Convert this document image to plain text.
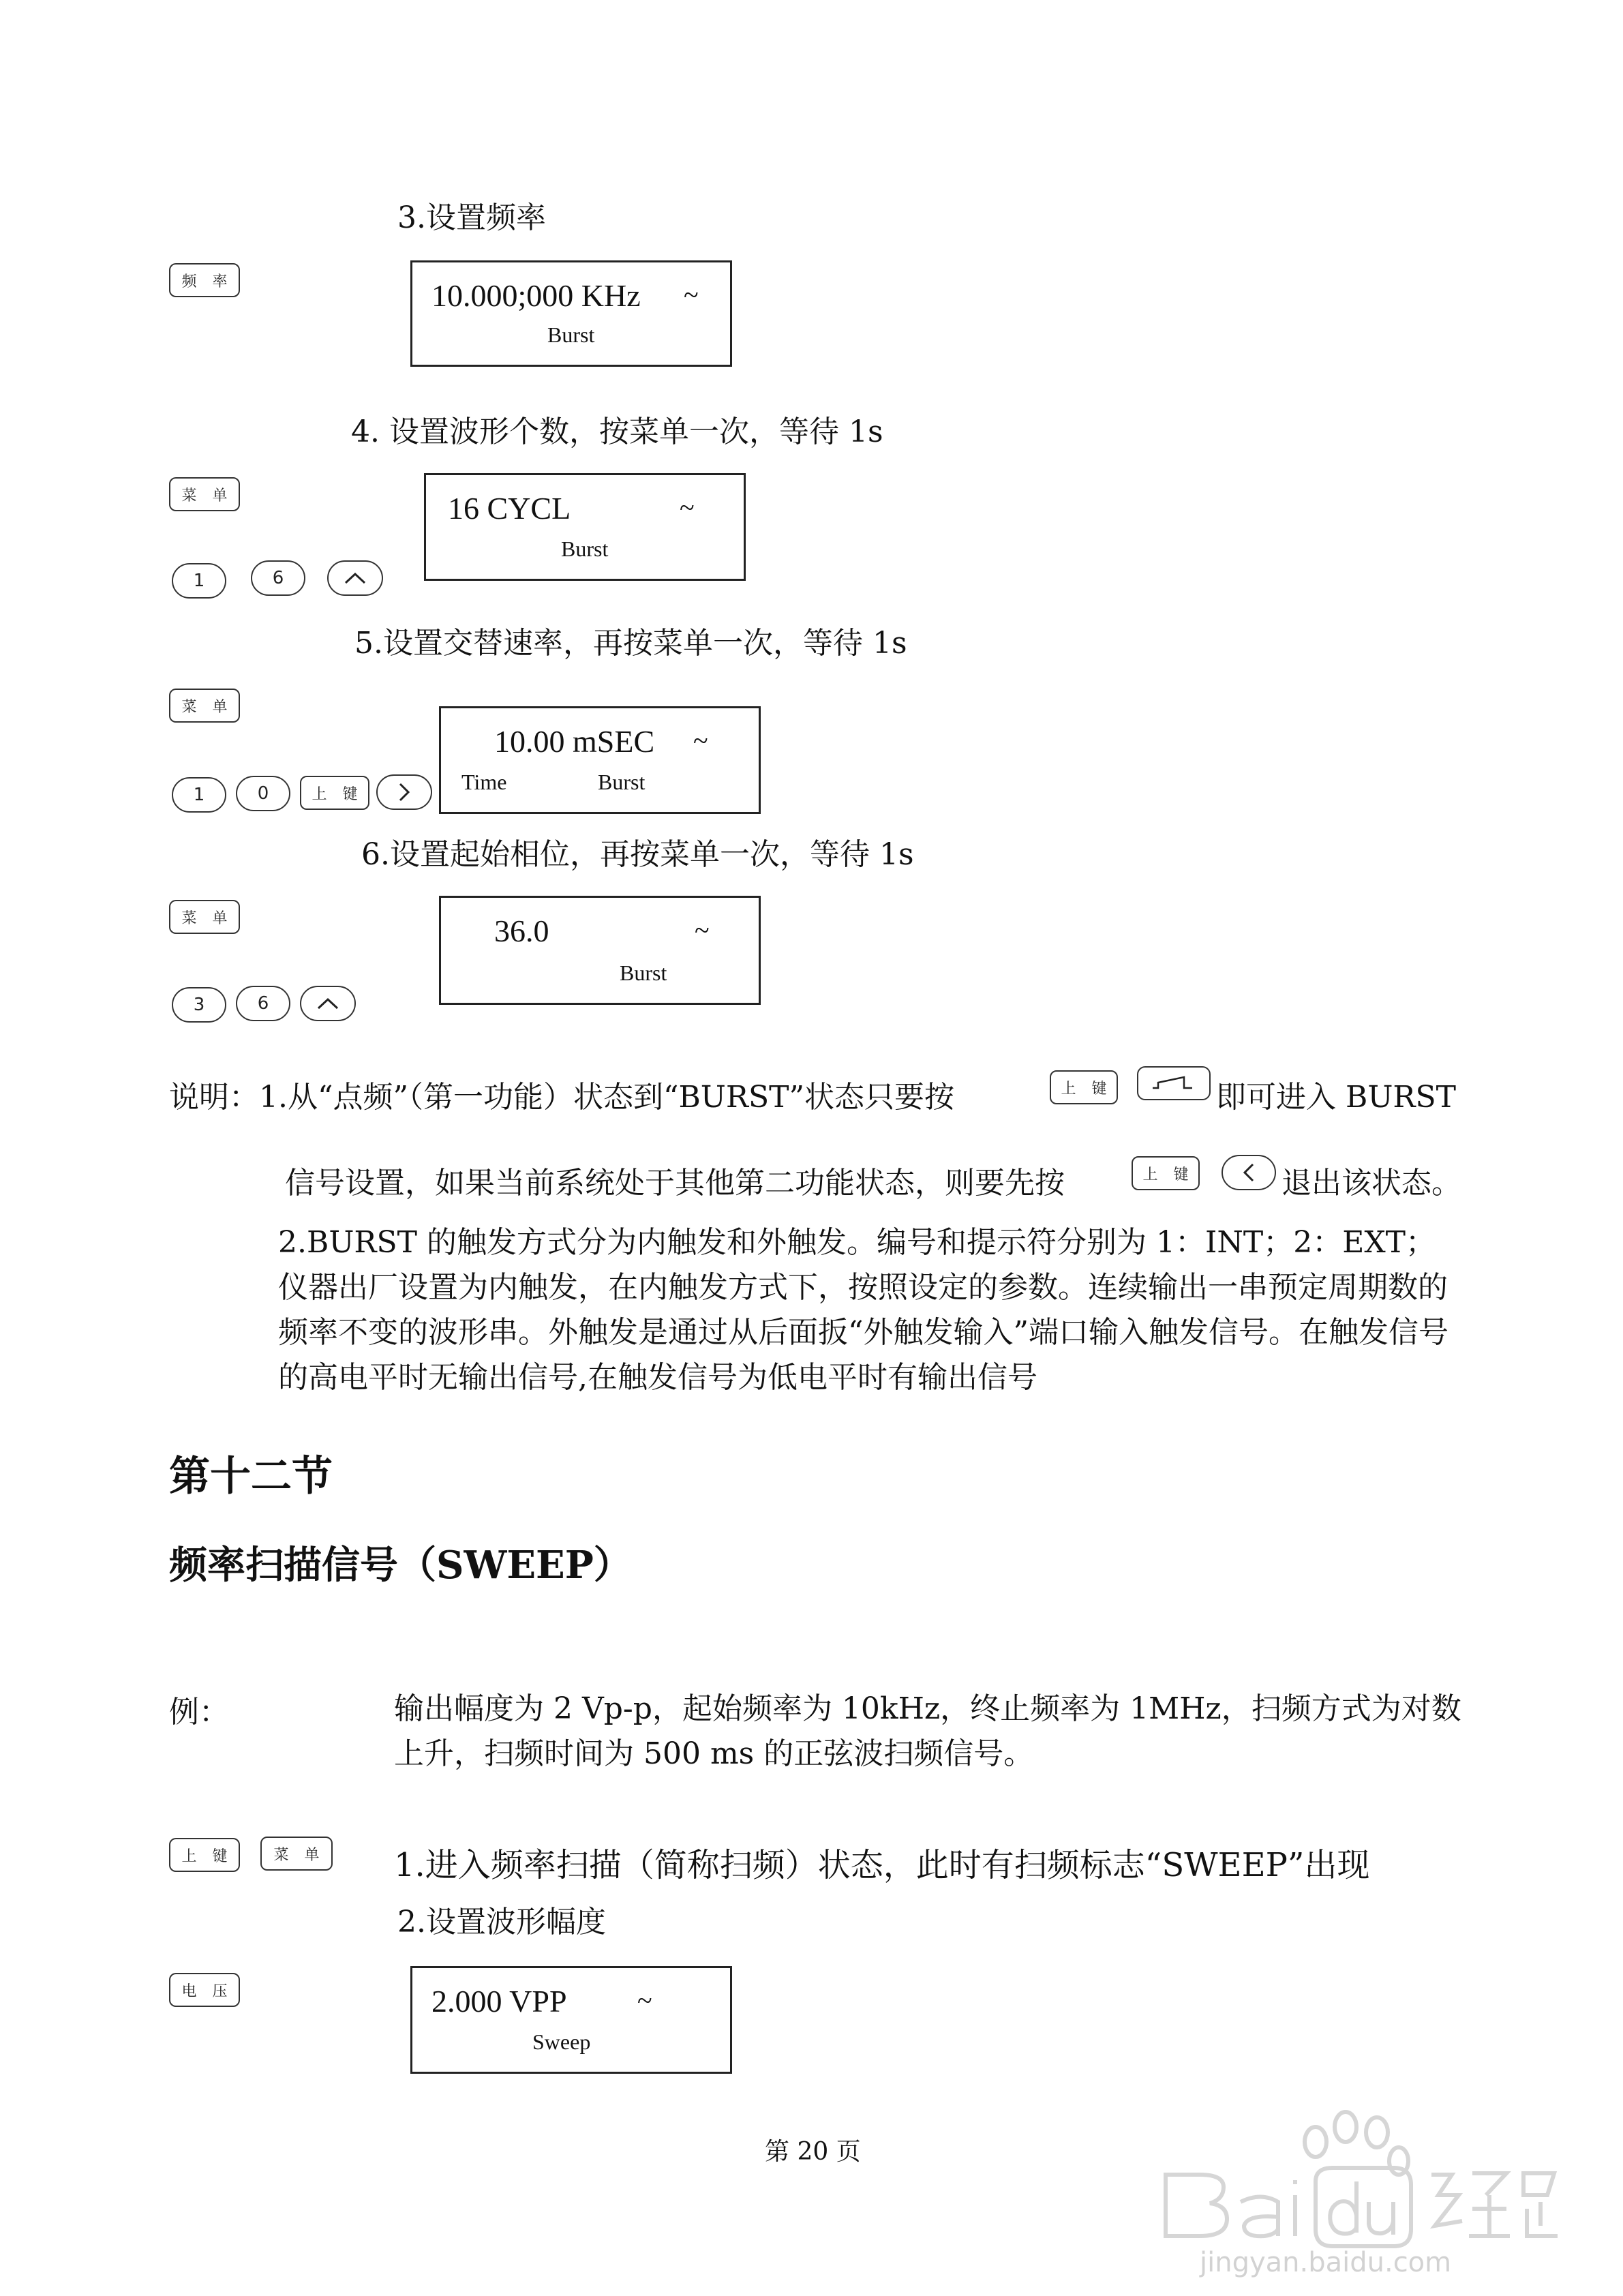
3.设置频率
频 率	10.000;000 KHz ~
Burst
4. 设置波形个数，按菜单一次，等待 1s
菜 单	16 CYCL	~
Burst
1	6
5.设置交替速率，再按菜单一次，等待 1s
菜 单
10.00 mSEC ~
Time	Burst
1	0	上 键
6.设置起始相位，再按菜单一次，等待 1s
菜 单	36.0	~
Burst
3	6
说明：1.从“点频”（第一功能）状态到“BURST”状态只要按	上 键	即可进入 BURST
信号设置，如果当前系统处于其他第二功能状态，则要先按	上 键	退出该状态。
2.BURST 的触发方式分为内触发和外触发。编号和提示符分别为 1：INT；2：EXT；仪器出厂设置为内触发，在内触发方式下，按照设定的参数。连续输出一串预定周期数的频率不变的波形串。外触发是通过从后面扳“外触发输入”端口输入触发信号。在触发信号的高电平时无输出信号,在触发信号为低电平时有输出信号
第十二节
频率扫描信号（SWEEP）
例：	输出幅度为 2 Vp-p，起始频率为 10kHz，终止频率为 1MHz，扫频方式为对数上升，扫频时间为 500 ms 的正弦波扫频信号。
上 键	菜 单 1.进入频率扫描（简称扫频）状态，此时有扫频标志“SWEEP”出现
2.设置波形幅度
电 压	2.000 VPP	~
Sweep
第 20 页
jingyan.baidu.com
